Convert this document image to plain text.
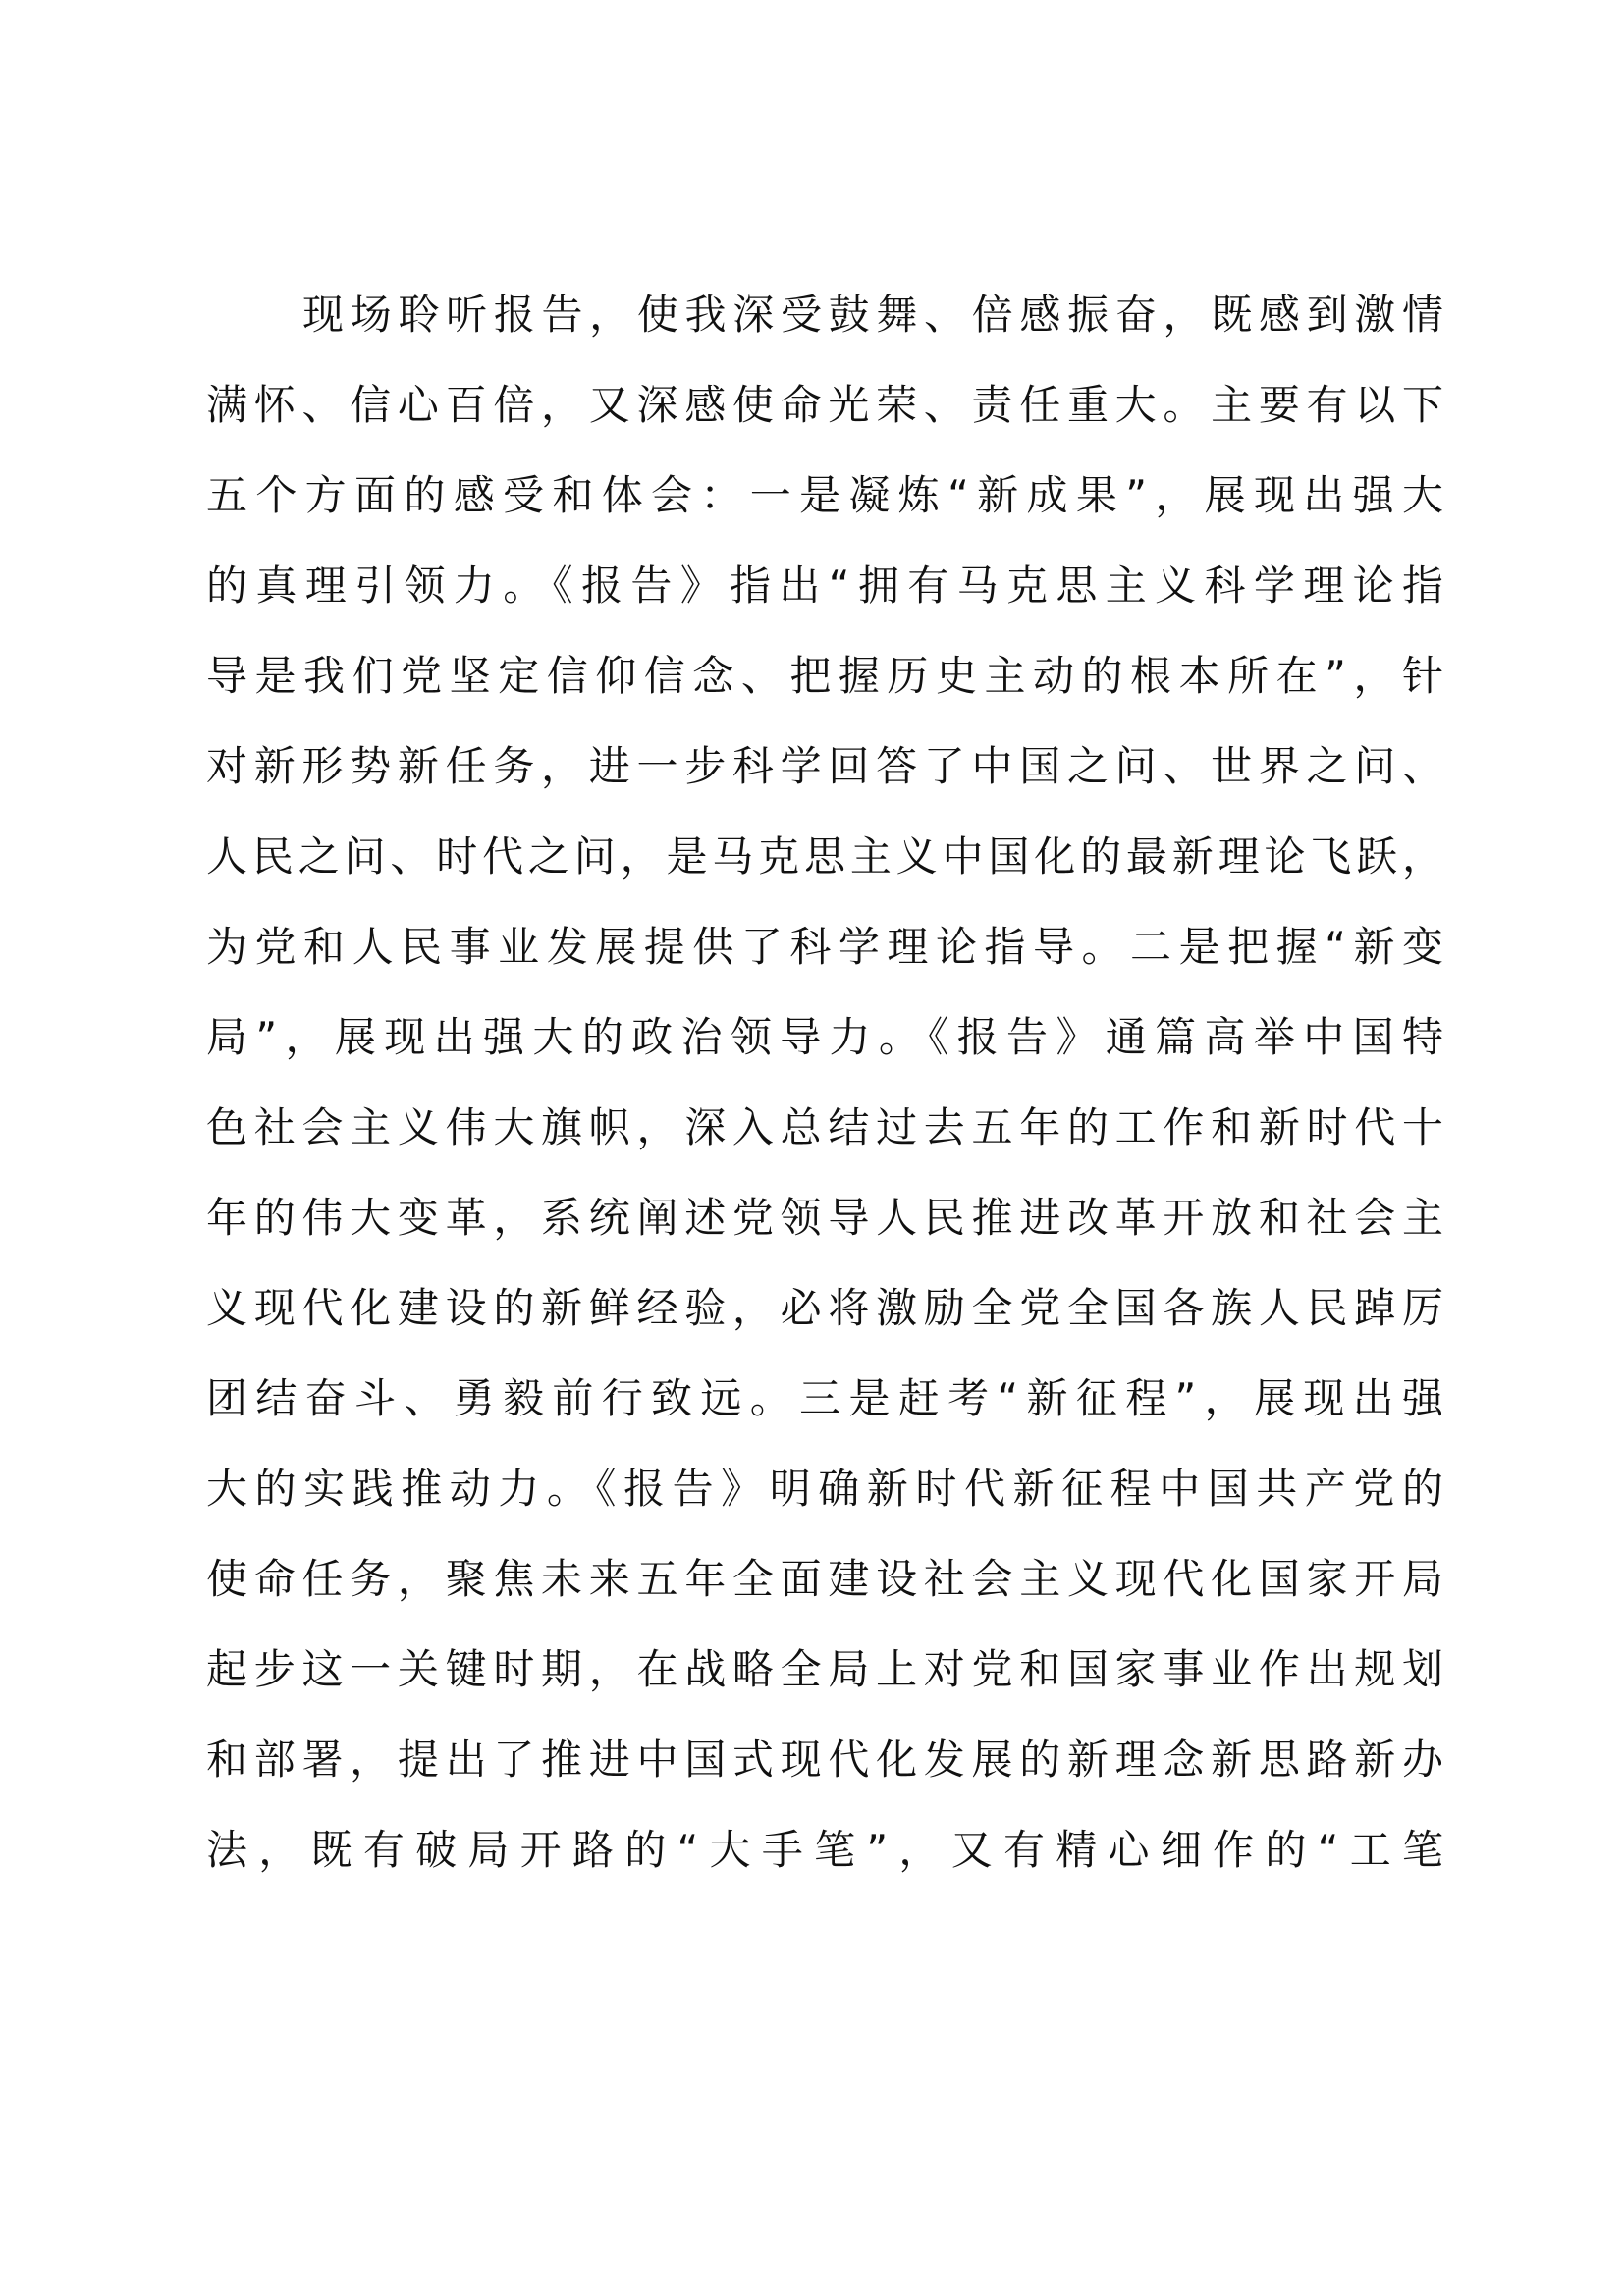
现场聆听报告，使我深受鼓舞、倍感振奋，既感到激情
满怀、信心百倍，又深感使命光荣、责任重大。主要有以下
五个方面的感受和体会：一是凝炼“新成果”，展现出强大
的真理引领力。《报告》指出“拥有马克思主义科学理论指
导是我们党坚定信仰信念、把握历史主动的根本所在”，针
对新形势新任务，进一步科学回答了中国之问、世界之问、
人民之问、时代之问，是马克思主义中国化的最新理论飞跃，
为党和人民事业发展提供了科学理论指导。二是把握“新变
局”，展现出强大的政治领导力。《报告》通篇高举中国特
色社会主义伟大旗帜，深入总结过去五年的工作和新时代十
年的伟大变革，系统阐述党领导人民推进改革开放和社会主
义现代化建设的新鲜经验，必将激励全党全国各族人民踔厉
团结奋斗、勇毅前行致远。三是赶考“新征程”，展现出强
大的实践推动力。《报告》明确新时代新征程中国共产党的
使命任务，聚焦未来五年全面建设社会主义现代化国家开局
起步这一关键时期，在战略全局上对党和国家事业作出规划
和部署，提出了推进中国式现代化发展的新理念新思路新办
法，既有破局开路的“大手笔”，又有精心细作的“工笔
